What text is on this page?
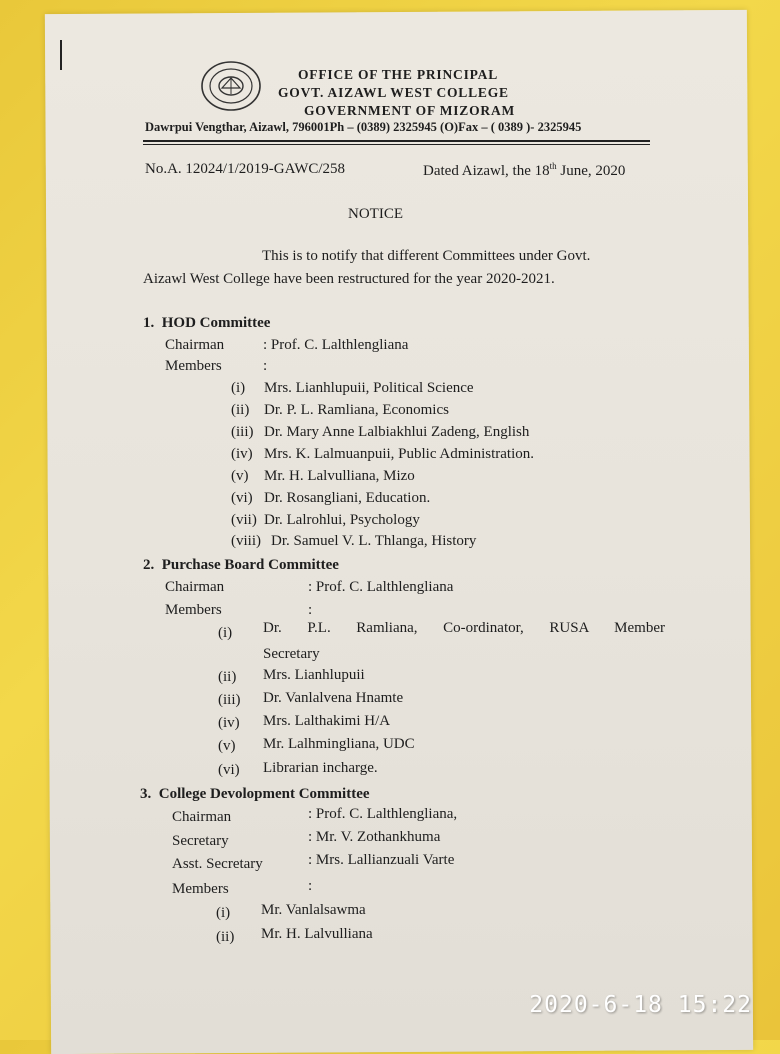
OFFICE OF THE PRINCIPAL
GOVT. AIZAWL WEST COLLEGE
GOVERNMENT OF MIZORAM
Dawrpui Vengthar, Aizawl, 796001Ph – (0389) 2325945 (O)Fax – ( 0389 )- 2325945
No.A. 12024/1/2019-GAWC/258	Dated Aizawl, the 18th June, 2020
NOTICE
This is to notify that different Committees under Govt.
Aizawl West College have been restructured for the year 2020-2021.
1. HOD Committee
Chairman	: Prof. C. Lalthlengliana
Members	:
(i) Mrs. Lianhlupuii, Political Science
(ii) Dr. P. L. Ramliana, Economics
(iii) Dr. Mary Anne Lalbiakhlui Zadeng, English
(iv) Mrs. K. Lalmuanpuii, Public Administration.
(v) Mr. H. Lalvulliana, Mizo
(vi) Dr. Rosangliani, Education.
(vii) Dr. Lalrohlui, Psychology
(viii) Dr. Samuel V. L. Thlanga, History
2. Purchase Board Committee
Chairman	: Prof. C. Lalthlengliana
Members	:
(i) Dr. P.L. Ramliana, Co-ordinator, RUSA Member
Secretary
(ii) Mrs. Lianhlupuii
(iii) Dr. Vanlalvena Hnamte
(iv) Mrs. Lalthakimi H/A
(v) Mr. Lalhmingliana, UDC
(vi) Librarian incharge.
3. College Devolopment Committee
Chairman	: Prof. C. Lalthlengliana,
Secretary	: Mr. V. Zothankhuma
Asst. Secretary	: Mrs. Lallianzuali Varte
Members	:
(i) Mr. Vanlalsawma
(ii) Mr. H. Lalvulliana
2020-6-18 15:22
